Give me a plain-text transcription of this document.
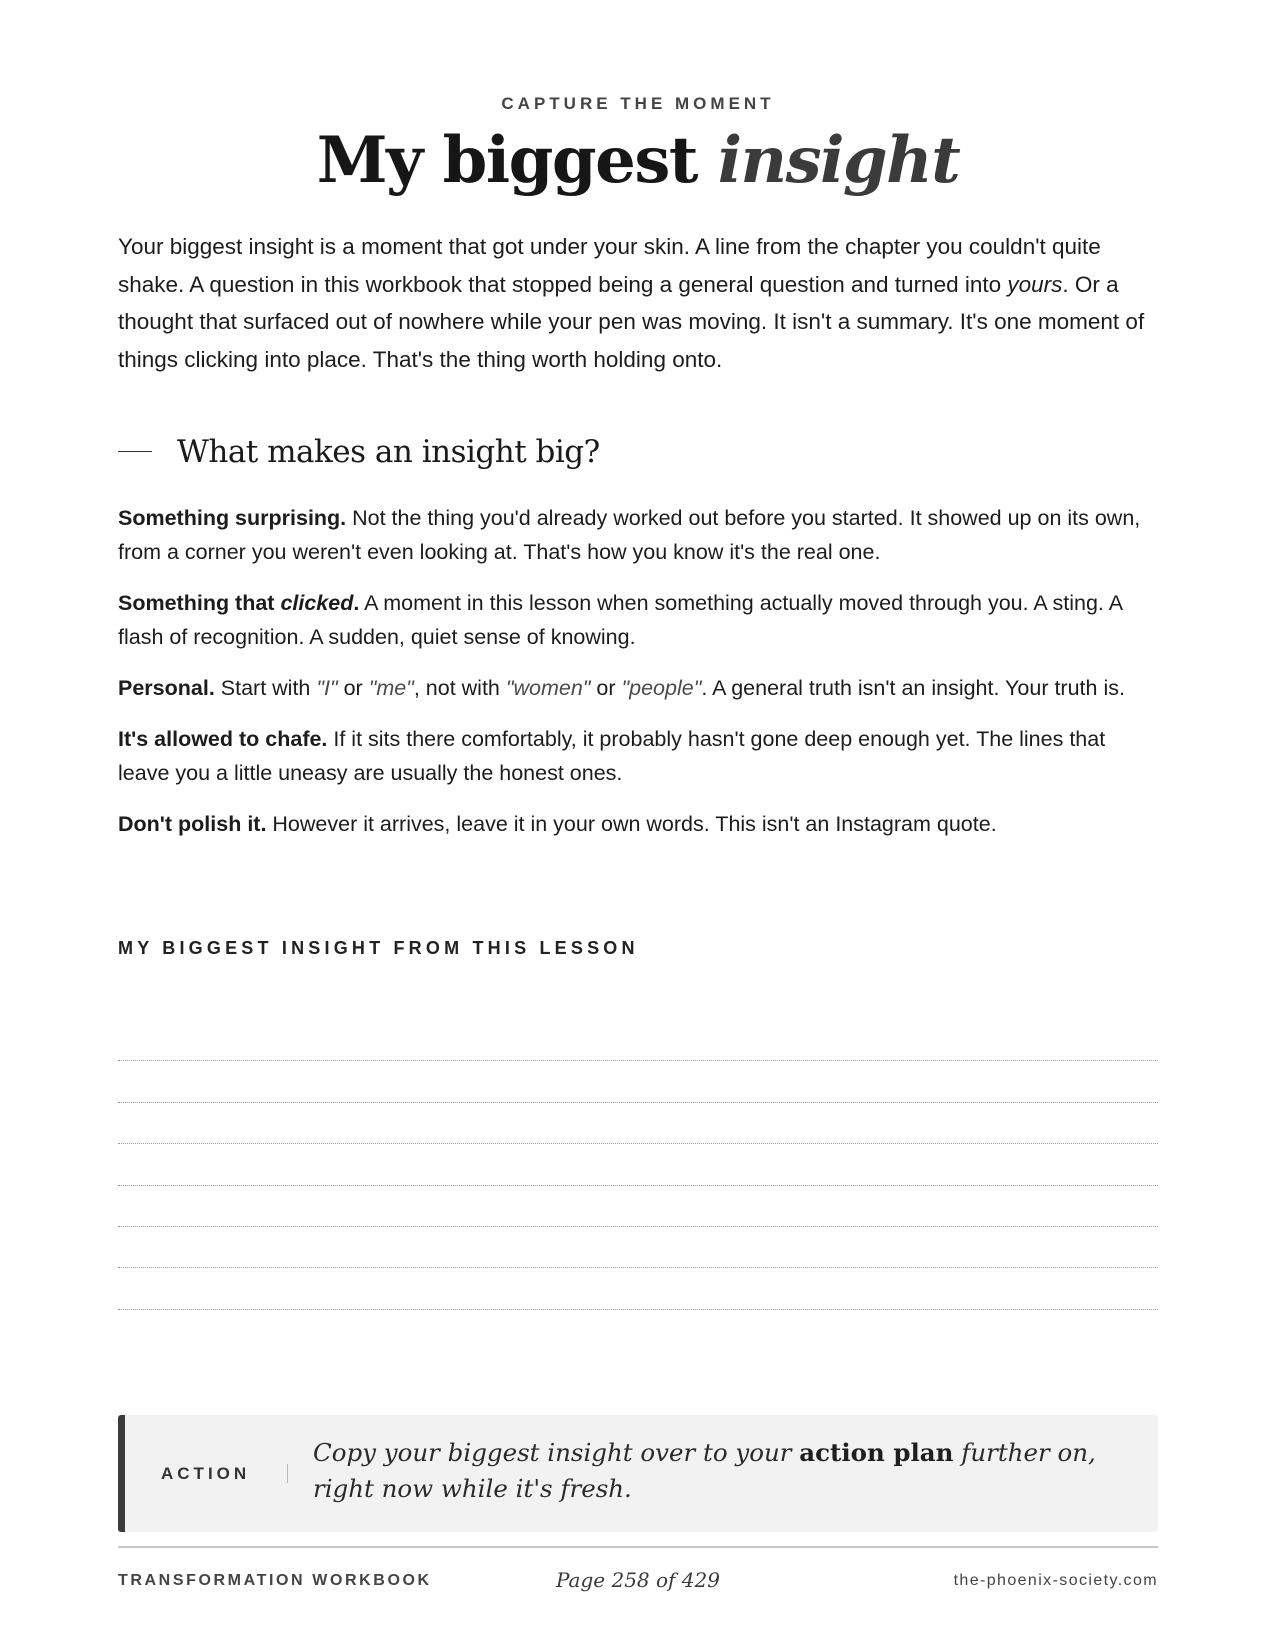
CAPTURE THE MOMENT
My biggest insight

Your biggest insight is a moment that got under your skin. A line from the chapter you couldn't quite shake. A question in this workbook that stopped being a general question and turned into yours. Or a thought that surfaced out of nowhere while your pen was moving. It isn't a summary. It's one moment of things clicking into place. That's the thing worth holding onto.

What makes an insight big?

Something surprising. Not the thing you'd already worked out before you started. It showed up on its own, from a corner you weren't even looking at. That's how you know it's the real one.

Something that clicked. A moment in this lesson when something actually moved through you. A sting. A flash of recognition. A sudden, quiet sense of knowing.

Personal. Start with "I" or "me", not with "women" or "people". A general truth isn't an insight. Your truth is.

It's allowed to chafe. If it sits there comfortably, it probably hasn't gone deep enough yet. The lines that leave you a little uneasy are usually the honest ones.

Don't polish it. However it arrives, leave it in your own words. This isn't an Instagram quote.

MY BIGGEST INSIGHT FROM THIS LESSON
ACTION

Copy your biggest insight over to your action plan further on, right now while it's fresh.

TRANSFORMATION WORKBOOK	Page 258 of 429	the-phoenix-society.com
